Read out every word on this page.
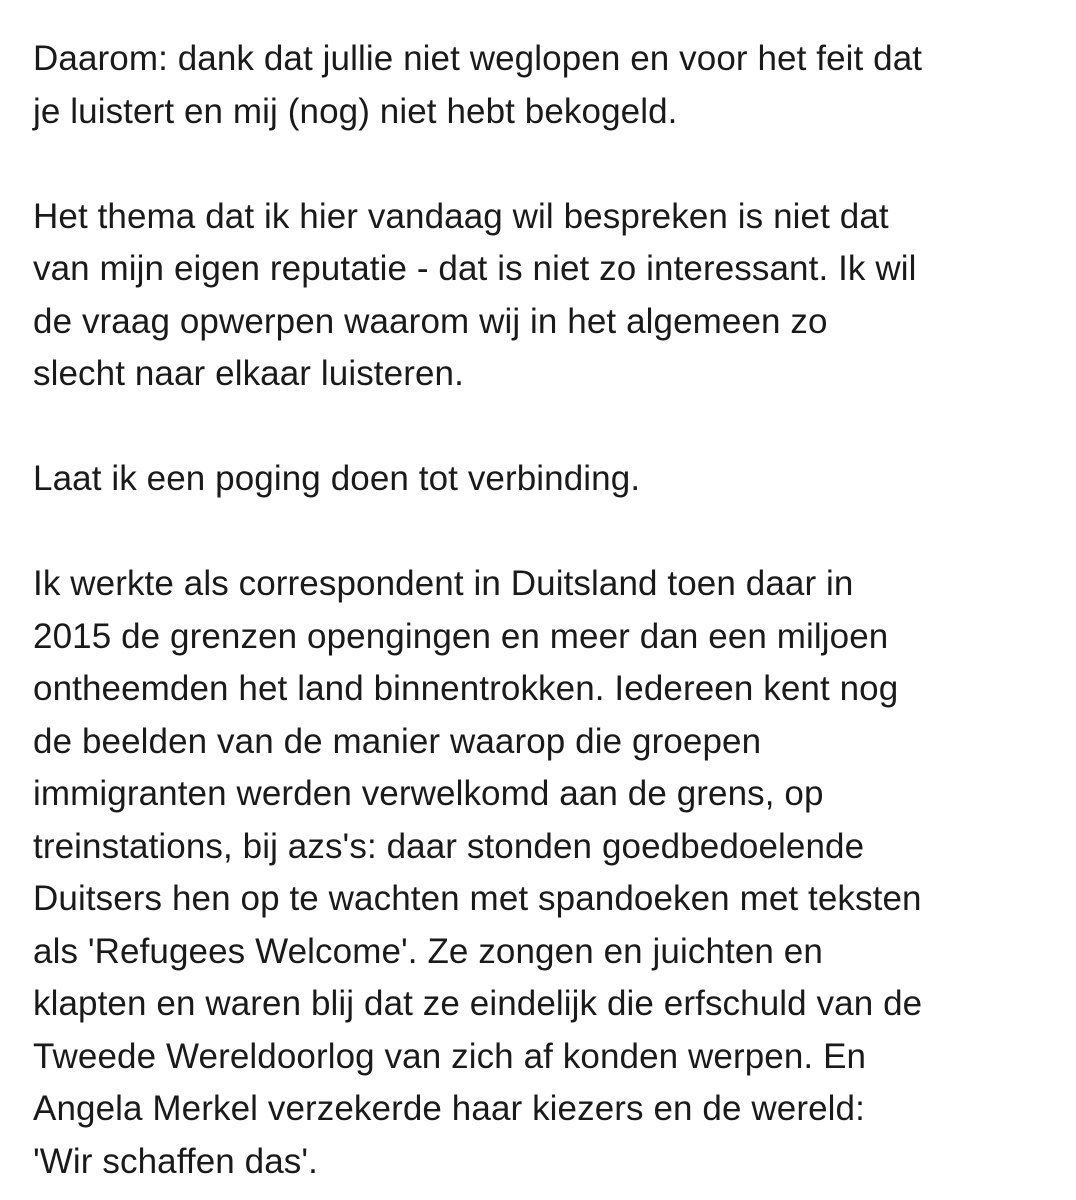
Daarom: dank dat jullie niet weglopen en voor het feit dat
je luistert en mij (nog) niet hebt bekogeld.

Het thema dat ik hier vandaag wil bespreken is niet dat
van mijn eigen reputatie - dat is niet zo interessant. Ik wil
de vraag opwerpen waarom wij in het algemeen zo
slecht naar elkaar luisteren.

Laat ik een poging doen tot verbinding.

Ik werkte als correspondent in Duitsland toen daar in
2015 de grenzen opengingen en meer dan een miljoen
ontheemden het land binnentrokken. Iedereen kent nog
de beelden van de manier waarop die groepen
immigranten werden verwelkomd aan de grens, op
treinstations, bij azs's: daar stonden goedbedoelende
Duitsers hen op te wachten met spandoeken met teksten
als 'Refugees Welcome'. Ze zongen en juichten en
klapten en waren blij dat ze eindelijk die erfschuld van de
Tweede Wereldoorlog van zich af konden werpen. En
Angela Merkel verzekerde haar kiezers en de wereld:
'Wir schaffen das'.
